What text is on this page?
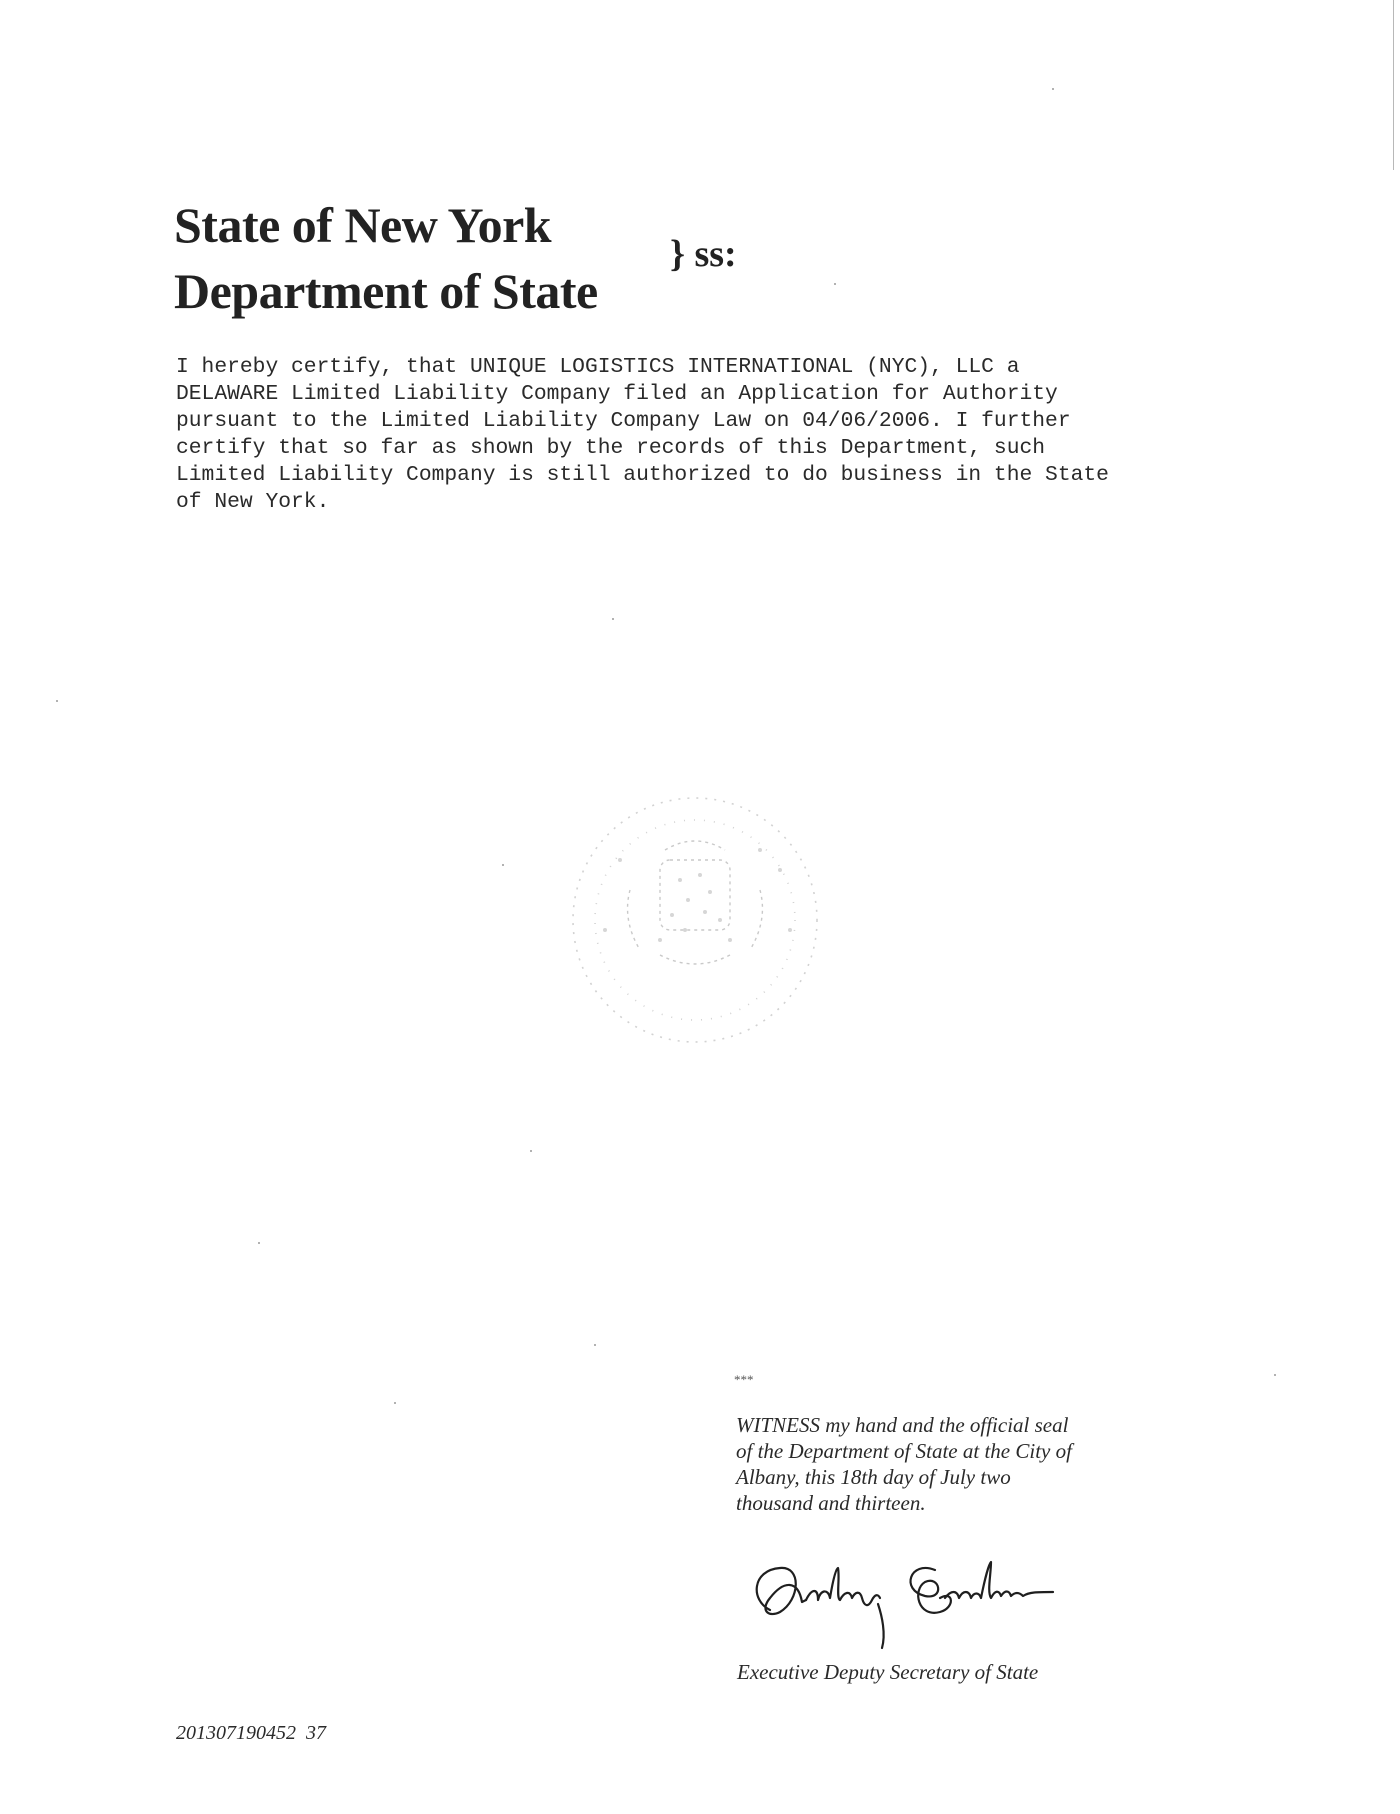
State of New York
Department of State
} ss:
I hereby certify, that UNIQUE LOGISTICS INTERNATIONAL (NYC), LLC a
DELAWARE Limited Liability Company filed an Application for Authority
pursuant to the Limited Liability Company Law on 04/06/2006. I further
certify that so far as shown by the records of this Department, such
Limited Liability Company is still authorized to do business in the State
of New York.
***
WITNESS my hand and the official seal
of the Department of State at the City of
Albany, this 18th day of July two
thousand and thirteen.
Executive Deputy Secretary of State
201307190452  37
